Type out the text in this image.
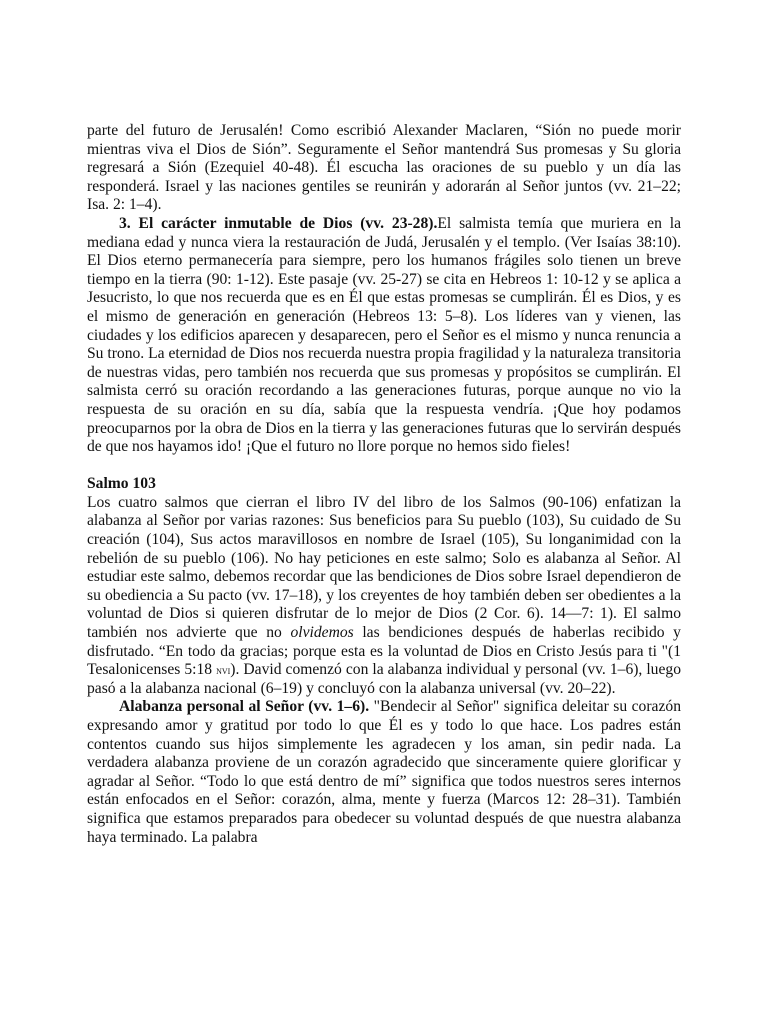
parte del futuro de Jerusalén! Como escribió Alexander Maclaren, “Sión no puede morir mientras viva el Dios de Sión”. Seguramente el Señor mantendrá Sus promesas y Su gloria regresará a Sión (Ezequiel 40-48). Él escucha las oraciones de su pueblo y un día las responderá. Israel y las naciones gentiles se reunirán y adorarán al Señor juntos (vv. 21–22; Isa. 2: 1–4).

3. El carácter inmutable de Dios (vv. 23-28).El salmista temía que muriera en la mediana edad y nunca viera la restauración de Judá, Jerusalén y el templo. (Ver Isaías 38:10). El Dios eterno permanecería para siempre, pero los humanos frágiles solo tienen un breve tiempo en la tierra (90: 1-12). Este pasaje (vv. 25-27) se cita en Hebreos 1: 10-12 y se aplica a Jesucristo, lo que nos recuerda que es en Él que estas promesas se cumplirán. Él es Dios, y es el mismo de generación en generación (Hebreos 13: 5–8). Los líderes van y vienen, las ciudades y los edificios aparecen y desaparecen, pero el Señor es el mismo y nunca renuncia a Su trono. La eternidad de Dios nos recuerda nuestra propia fragilidad y la naturaleza transitoria de nuestras vidas, pero también nos recuerda que sus promesas y propósitos se cumplirán. El salmista cerró su oración recordando a las generaciones futuras, porque aunque no vio la respuesta de su oración en su día, sabía que la respuesta vendría. ¡Que hoy podamos preocuparnos por la obra de Dios en la tierra y las generaciones futuras que lo servirán después de que nos hayamos ido! ¡Que el futuro no llore porque no hemos sido fieles!

Salmo 103

Los cuatro salmos que cierran el libro IV del libro de los Salmos (90-106) enfatizan la alabanza al Señor por varias razones: Sus beneficios para Su pueblo (103), Su cuidado de Su creación (104), Sus actos maravillosos en nombre de Israel (105), Su longanimidad con la rebelión de su pueblo (106). No hay peticiones en este salmo; Solo es alabanza al Señor. Al estudiar este salmo, debemos recordar que las bendiciones de Dios sobre Israel dependieron de su obediencia a Su pacto (vv. 17–18), y los creyentes de hoy también deben ser obedientes a la voluntad de Dios si quieren disfrutar de lo mejor de Dios (2 Cor. 6). 14—7: 1). El salmo también nos advierte que no olvidemos las bendiciones después de haberlas recibido y disfrutado. “En todo da gracias; porque esta es la voluntad de Dios en Cristo Jesús para ti "(1 Tesalonicenses 5:18 nvi). David comenzó con la alabanza individual y personal (vv. 1–6), luego pasó a la alabanza nacional (6–19) y concluyó con la alabanza universal (vv. 20–22).

Alabanza personal al Señor (vv. 1–6). "Bendecir al Señor" significa deleitar su corazón expresando amor y gratitud por todo lo que Él es y todo lo que hace. Los padres están contentos cuando sus hijos simplemente les agradecen y los aman, sin pedir nada. La verdadera alabanza proviene de un corazón agradecido que sinceramente quiere glorificar y agradar al Señor. “Todo lo que está dentro de mí” significa que todos nuestros seres internos están enfocados en el Señor: corazón, alma, mente y fuerza (Marcos 12: 28–31). También significa que estamos preparados para obedecer su voluntad después de que nuestra alabanza haya terminado. La palabra
